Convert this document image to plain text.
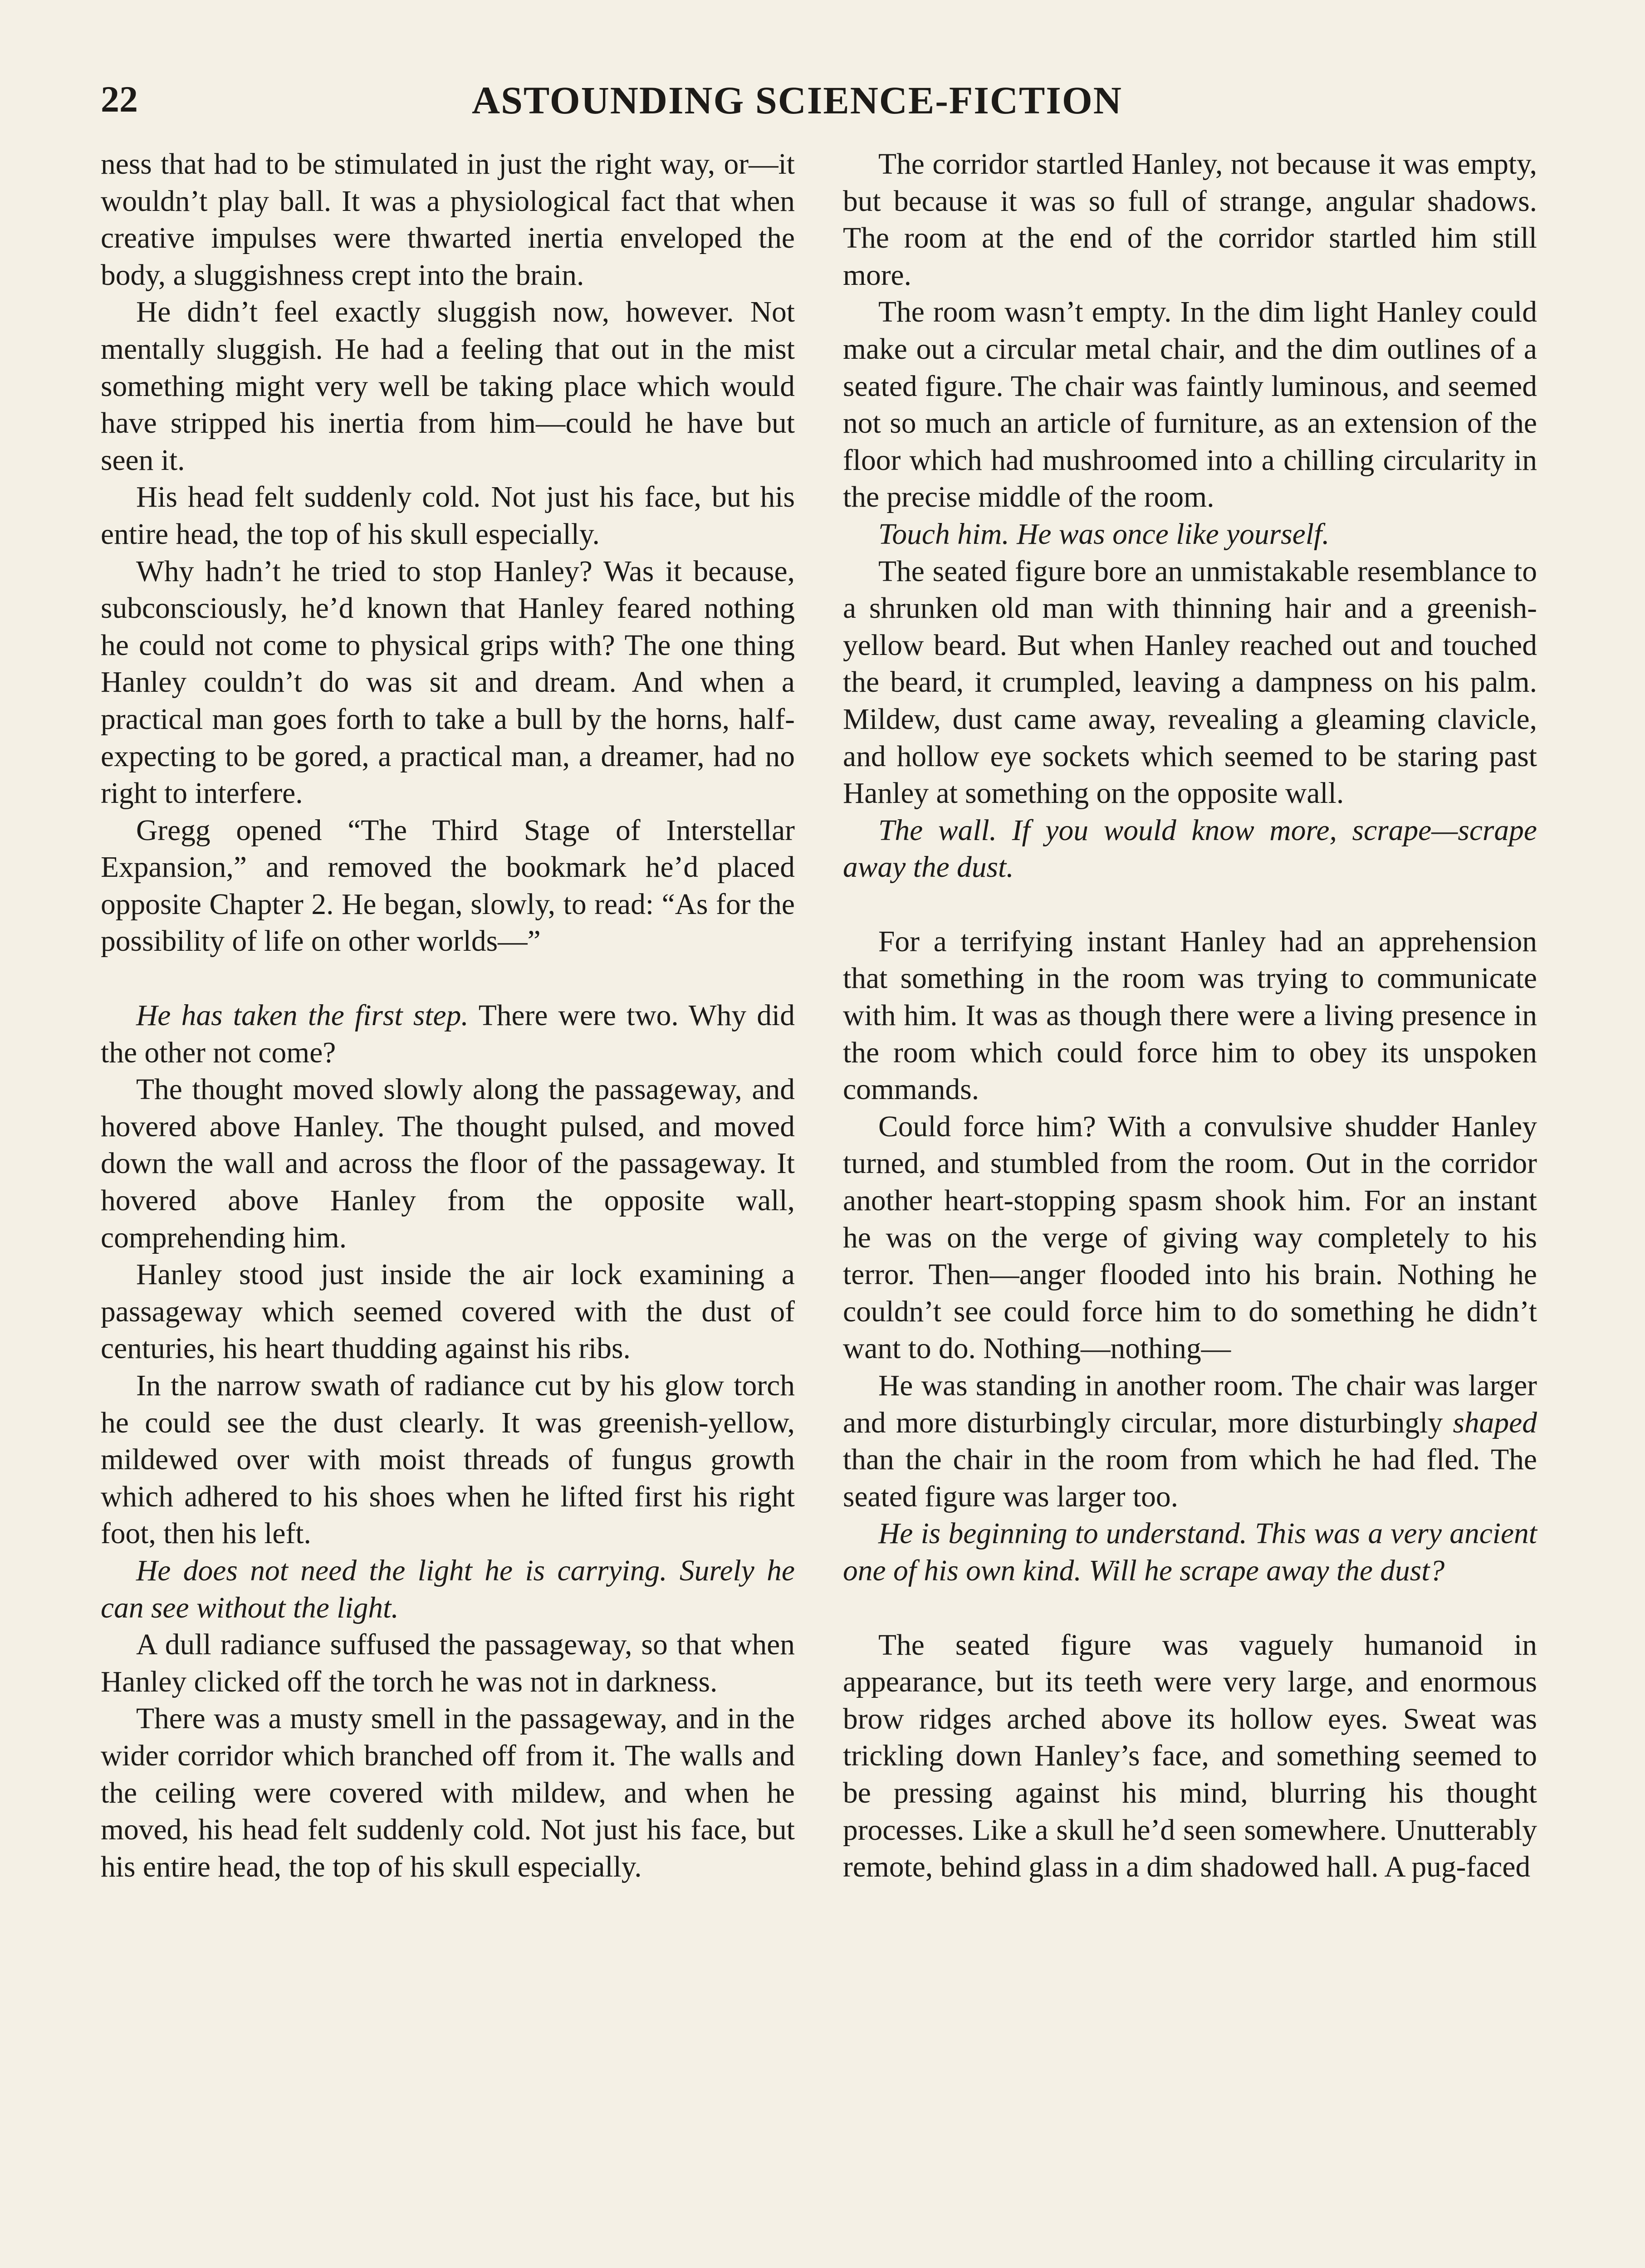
22	ASTOUNDING SCIENCE-FICTION

ness that had to be stimulated in just the right way, or—it wouldn’t play ball. It was a physiological fact that when creative impulses were thwarted inertia enveloped the body, a sluggishness crept into the brain.

He didn’t feel exactly sluggish now, however. Not mentally sluggish. He had a feeling that out in the mist something might very well be taking place which would have stripped his inertia from him—could he have but seen it.

His head felt suddenly cold. Not just his face, but his entire head, the top of his skull especially.

Why hadn’t he tried to stop Hanley? Was it because, subconsciously, he’d known that Hanley feared nothing he could not come to physical grips with? The one thing Hanley couldn’t do was sit and dream. And when a practical man goes forth to take a bull by the horns, half-expecting to be gored, a practical man, a dreamer, had no right to interfere.

Gregg opened “The Third Stage of Interstellar Expansion,” and removed the bookmark he’d placed opposite Chapter 2. He began, slowly, to read: “As for the possibility of life on other worlds—”

He has taken the first step. There were two. Why did the other not come?

The thought moved slowly along the passageway, and hovered above Hanley. The thought pulsed, and moved down the wall and across the floor of the passageway. It hovered above Hanley from the opposite wall, comprehending him.

Hanley stood just inside the air lock examining a passageway which seemed covered with the dust of centuries, his heart thudding against his ribs.

In the narrow swath of radiance cut by his glow torch he could see the dust clearly. It was greenish-yellow, mildewed over with moist threads of fungus growth which adhered to his shoes when he lifted first his right foot, then his left.

He does not need the light he is carrying. Surely he can see without the light.

A dull radiance suffused the passageway, so that when Hanley clicked off the torch he was not in darkness.

There was a musty smell in the passageway, and in the wider corridor which branched off from it. The walls and the ceiling were covered with mildew, and when he moved, his head felt suddenly cold. Not just his face, but his entire head, the top of his skull especially.

The corridor startled Hanley, not because it was empty, but because it was so full of strange, angular shadows. The room at the end of the corridor startled him still more.

The room wasn’t empty. In the dim light Hanley could make out a circular metal chair, and the dim outlines of a seated figure. The chair was faintly luminous, and seemed not so much an article of furniture, as an extension of the floor which had mushroomed into a chilling circularity in the precise middle of the room.

Touch him. He was once like yourself.

The seated figure bore an unmistakable resemblance to a shrunken old man with thinning hair and a greenish-yellow beard. But when Hanley reached out and touched the beard, it crumpled, leaving a dampness on his palm. Mildew, dust came away, revealing a gleaming clavicle, and hollow eye sockets which seemed to be staring past Hanley at something on the opposite wall.

The wall. If you would know more, scrape—scrape away the dust.

For a terrifying instant Hanley had an apprehension that something in the room was trying to communicate with him. It was as though there were a living presence in the room which could force him to obey its unspoken commands.

Could force him? With a convulsive shudder Hanley turned, and stumbled from the room. Out in the corridor another heart-stopping spasm shook him. For an instant he was on the verge of giving way completely to his terror. Then—anger flooded into his brain. Nothing he couldn’t see could force him to do something he didn’t want to do. Nothing—nothing—

He was standing in another room. The chair was larger and more disturbingly circular, more disturbingly shaped than the chair in the room from which he had fled. The seated figure was larger too.

He is beginning to understand. This was a very ancient one of his own kind. Will he scrape away the dust?

The seated figure was vaguely humanoid in appearance, but its teeth were very large, and enormous brow ridges arched above its hollow eyes. Sweat was trickling down Hanley’s face, and something seemed to be pressing against his mind, blurring his thought processes. Like a skull he’d seen somewhere. Unutterably remote, behind glass in a dim shadowed hall. A pug-faced
